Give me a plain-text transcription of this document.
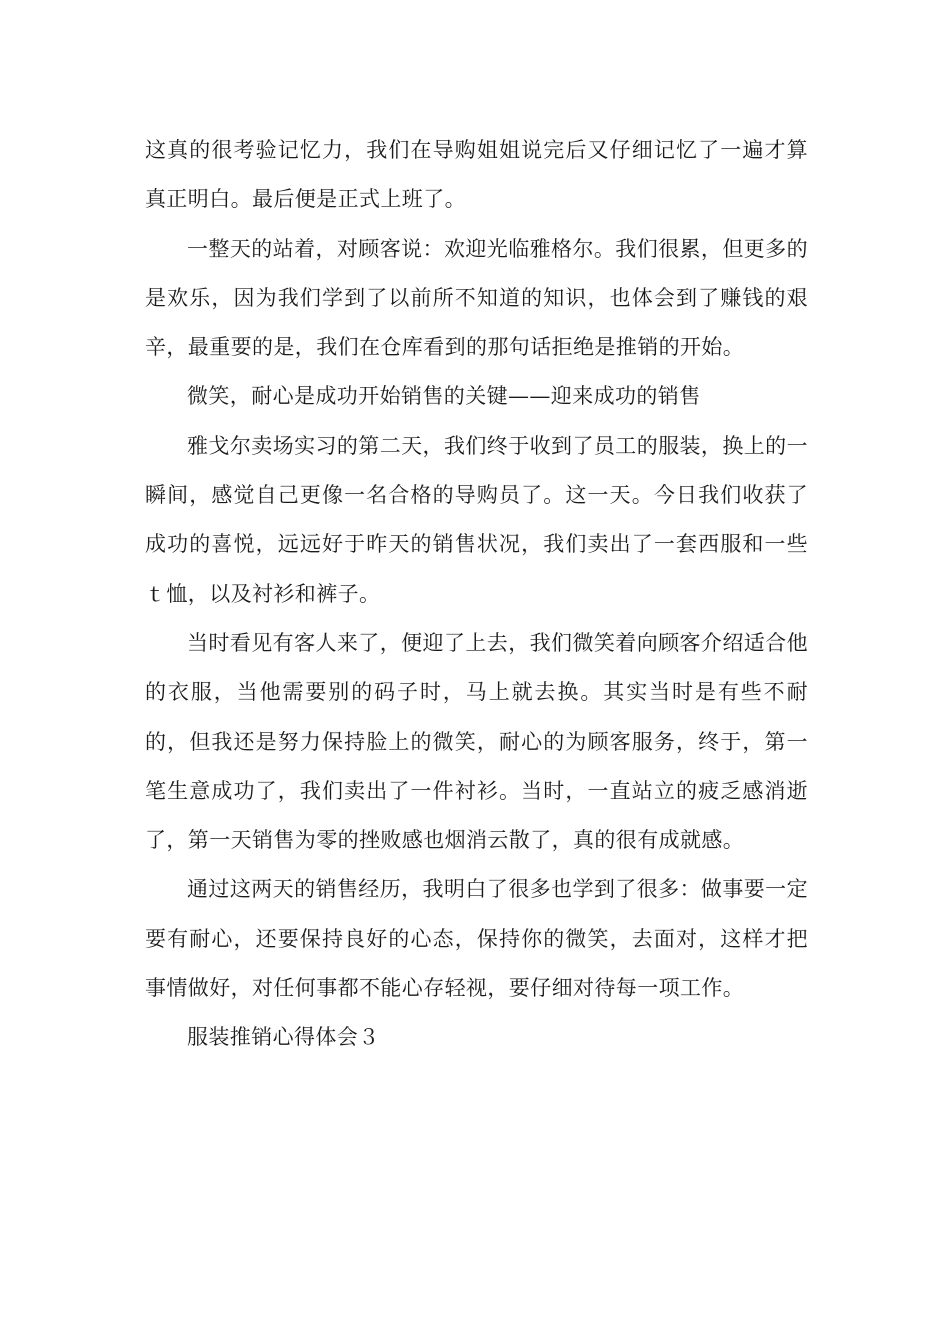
这真的很考验记忆力，我们在导购姐姐说完后又仔细记忆了一遍才算真正明白。最后便是正式上班了。

一整天的站着，对顾客说：欢迎光临雅格尔。我们很累，但更多的是欢乐，因为我们学到了以前所不知道的知识，也体会到了赚钱的艰辛，最重要的是，我们在仓库看到的那句话拒绝是推销的开始。

微笑，耐心是成功开始销售的关键——迎来成功的销售

雅戈尔卖场实习的第二天，我们终于收到了员工的服装，换上的一瞬间，感觉自己更像一名合格的导购员了。这一天。今日我们收获了成功的喜悦，远远好于昨天的销售状况，我们卖出了一套西服和一些ｔ恤，以及衬衫和裤子。

当时看见有客人来了，便迎了上去，我们微笑着向顾客介绍适合他的衣服，当他需要别的码子时，马上就去换。其实当时是有些不耐的，但我还是努力保持脸上的微笑，耐心的为顾客服务，终于，第一笔生意成功了，我们卖出了一件衬衫。当时，一直站立的疲乏感消逝了，第一天销售为零的挫败感也烟消云散了，真的很有成就感。

通过这两天的销售经历，我明白了很多也学到了很多：做事要一定要有耐心，还要保持良好的心态，保持你的微笑，去面对，这样才把事情做好，对任何事都不能心存轻视，要仔细对待每一项工作。

服装推销心得体会３
